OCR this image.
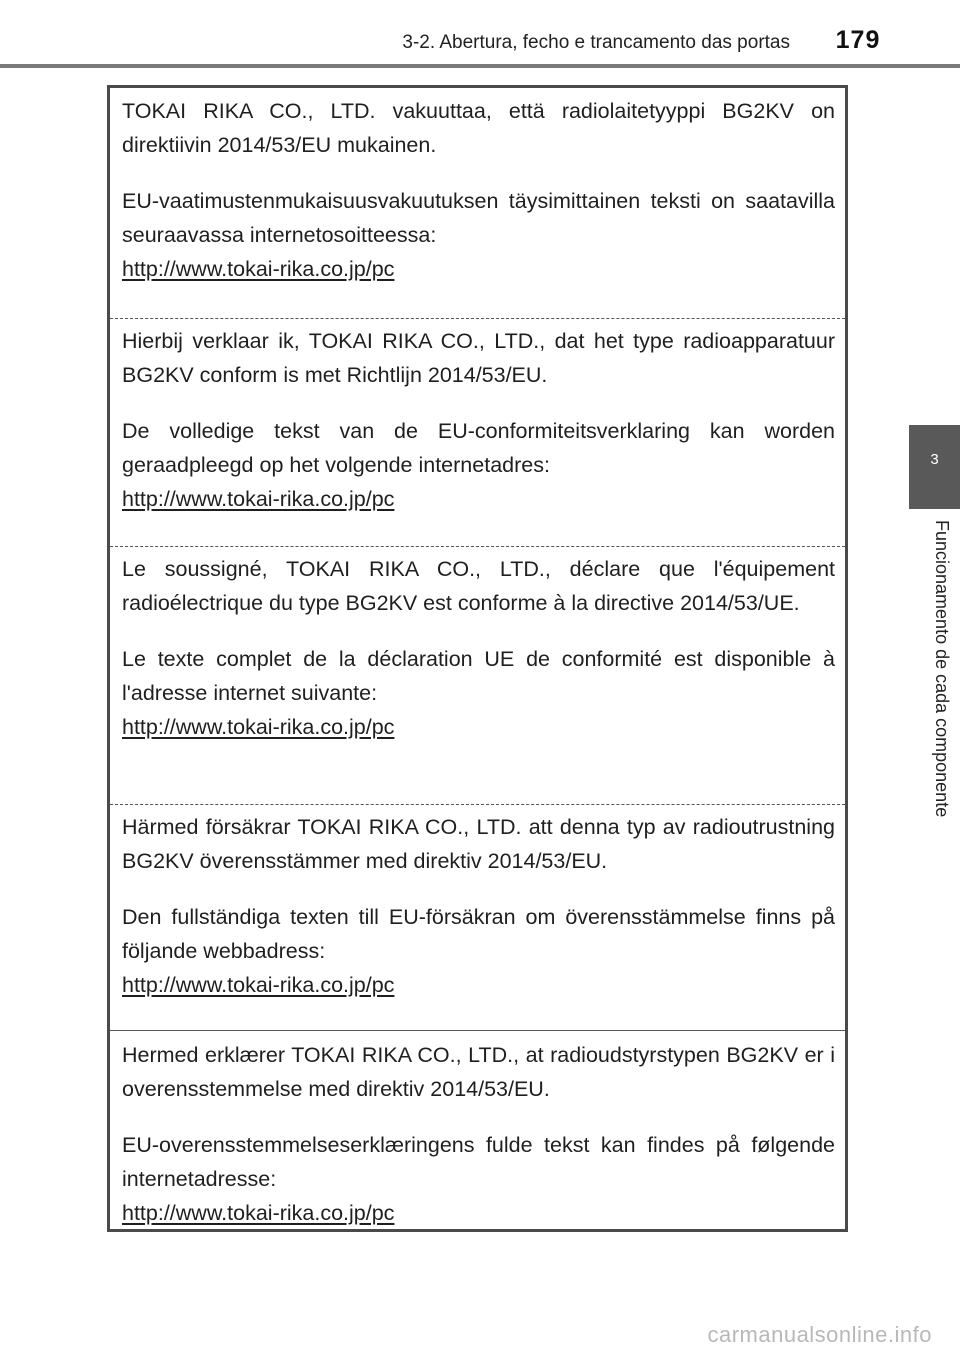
3-2. Abertura, fecho e trancamento das portas	179
3
Funcionamento de cada componente

TOKAI RIKA CO., LTD. vakuuttaa, että radiolaitetyyppi BG2KV on direktiivin 2014/53/EU mukainen.

EU-vaatimustenmukaisuusvakuutuksen täysimittainen teksti on saatavilla seuraavassa internetosoitteessa:

http://www.tokai-rika.co.jp/pc

Hierbij verklaar ik, TOKAI RIKA CO., LTD., dat het type radioapparatuur BG2KV conform is met Richtlijn 2014/53/EU.

De volledige tekst van de EU-conformiteitsverklaring kan worden geraadpleegd op het volgende internetadres:

http://www.tokai-rika.co.jp/pc

Le soussigné, TOKAI RIKA CO., LTD., déclare que l'équipement radioélectrique du type BG2KV est conforme à la directive 2014/53/UE.

Le texte complet de la déclaration UE de conformité est disponible à l'adresse internet suivante:

http://www.tokai-rika.co.jp/pc

Härmed försäkrar TOKAI RIKA CO., LTD. att denna typ av radioutrustning BG2KV överensstämmer med direktiv 2014/53/EU.

Den fullständiga texten till EU-försäkran om överensstämmelse finns på följande webbadress:

http://www.tokai-rika.co.jp/pc

Hermed erklærer TOKAI RIKA CO., LTD., at radioudstyrstypen BG2KV er i overensstemmelse med direktiv 2014/53/EU.

EU-overensstemmelseserklæringens fulde tekst kan findes på følgende internetadresse:

http://www.tokai-rika.co.jp/pc
carmanualsonline.info
